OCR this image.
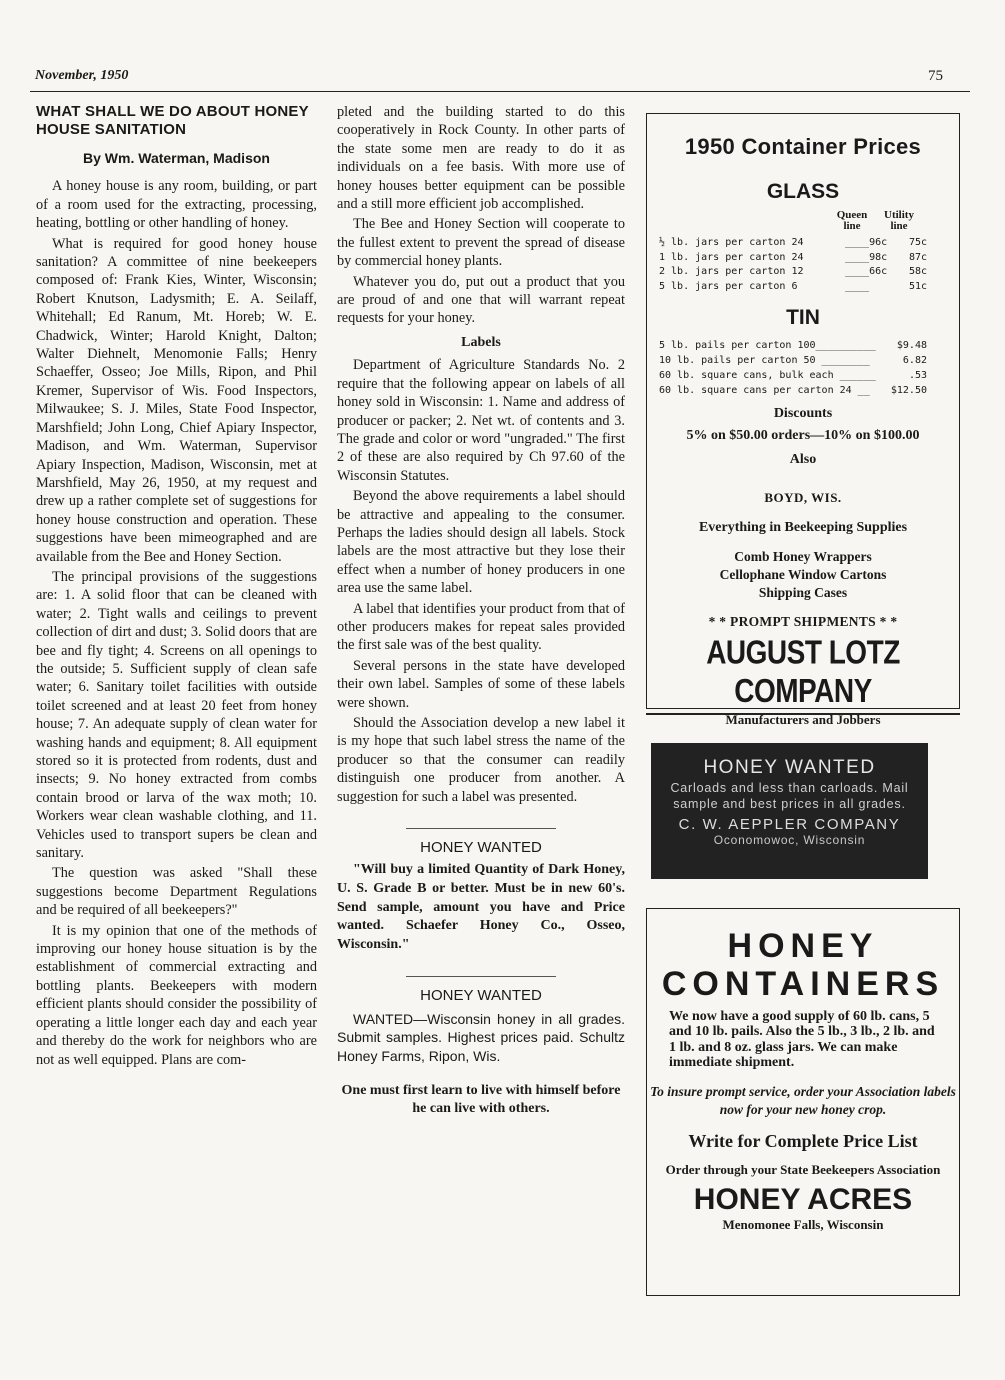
November, 1950	75
WHAT SHALL WE DO ABOUT HONEY HOUSE SANITATION
By Wm. Waterman, Madison

A honey house is any room, building, or part of a room used for the extracting, processing, heating, bottling or other handling of honey.

What is required for good honey house sanitation? A committee of nine beekeepers composed of: Frank Kies, Winter, Wisconsin; Robert Knutson, Ladysmith; E. A. Seilaff, Whitehall; Ed Ranum, Mt. Horeb; W. E. Chadwick, Winter; Harold Knight, Dalton; Walter Diehnelt, Menomonie Falls; Henry Schaeffer, Osseo; Joe Mills, Ripon, and Phil Kremer, Supervisor of Wis. Food Inspectors, Milwaukee; S. J. Miles, State Food Inspector, Marshfield; John Long, Chief Apiary Inspector, Madison, and Wm. Waterman, Supervisor Apiary Inspection, Madison, Wisconsin, met at Marshfield, May 26, 1950, at my request and drew up a rather complete set of suggestions for honey house construction and operation. These suggestions have been mimeographed and are available from the Bee and Honey Section.

The principal provisions of the suggestions are: 1. A solid floor that can be cleaned with water; 2. Tight walls and ceilings to prevent collection of dirt and dust; 3. Solid doors that are bee and fly tight; 4. Screens on all openings to the outside; 5. Sufficient supply of clean safe water; 6. Sanitary toilet facilities with outside toilet screened and at least 20 feet from honey house; 7. An adequate supply of clean water for washing hands and equipment; 8. All equipment stored so it is protected from rodents, dust and insects; 9. No honey extracted from combs contain brood or larva of the wax moth; 10. Workers wear clean washable clothing, and 11. Vehicles used to transport supers be clean and sanitary.

The question was asked "Shall these suggestions become Department Regulations and be required of all beekeepers?"

It is my opinion that one of the methods of improving our honey house situation is by the establishment of commercial extracting and bottling plants. Beekeepers with modern efficient plants should consider the possibility of operating a little longer each day and each year and thereby do the work for neighbors who are not as well equipped. Plans are com-

pleted and the building started to do this cooperatively in Rock County. In other parts of the state some men are ready to do it as individuals on a fee basis. With more use of honey houses better equipment can be possible and a still more efficient job accomplished.

The Bee and Honey Section will cooperate to the fullest extent to prevent the spread of disease by commercial honey plants.

Whatever you do, put out a product that you are proud of and one that will warrant repeat requests for your honey.

Labels

Department of Agriculture Standards No. 2 require that the following appear on labels of all honey sold in Wisconsin: 1. Name and address of producer or packer; 2. Net wt. of contents and 3. The grade and color or word "ungraded." The first 2 of these are also required by Ch 97.60 of the Wisconsin Statutes.

Beyond the above requirements a label should be attractive and appealing to the consumer. Perhaps the ladies should design all labels. Stock labels are the most attractive but they lose their effect when a number of honey producers in one area use the same label.

A label that identifies your product from that of other producers makes for repeat sales provided the first sale was of the best quality.

Several persons in the state have developed their own label. Samples of some of these labels were shown.

Should the Association develop a new label it is my hope that such label stress the name of the producer so that the consumer can readily distinguish one producer from another. A suggestion for such a label was presented.

HONEY WANTED
"Will buy a limited Quantity of Dark Honey, U. S. Grade B or better. Must be in new 60's. Send sample, amount you have and Price wanted. Schaefer Honey Co., Osseo, Wisconsin."
HONEY WANTED
WANTED—Wisconsin honey in all grades. Submit samples. Highest prices paid. Schultz Honey Farms, Ripon, Wis.
One must first learn to live with himself before he can live with others.
1950 Container Prices
GLASS
Queen line
Utility line
½ lb. jars per carton 24	____96c	75c
1 lb. jars per carton 24	____98c	87c
2 lb. jars per carton 12	____66c	58c
5 lb. jars per carton 6	____	51c
TIN
5 lb. pails per carton 100__________	$9.48
10 lb. pails per carton 50 ________	6.82
60 lb. square cans, bulk each ______	.53
60 lb. square cans per carton 24 __	$12.50
Discounts
5% on $50.00 orders—10% on $100.00
Also
BOYD, WIS.
Everything in Beekeeping Supplies
Comb Honey Wrappers
Cellophane Window Cartons
Shipping Cases
* * PROMPT SHIPMENTS * *
AUGUST LOTZ COMPANY
Manufacturers and Jobbers
HONEY WANTED
Carloads and less than carloads. Mail sample and best prices in all grades.
C. W. AEPPLER COMPANY
Oconomowoc, Wisconsin
HONEY
CONTAINERS
We now have a good supply of 60 lb. cans, 5 and 10 lb. pails. Also the 5 lb., 3 lb., 2 lb. and 1 lb. and 8 oz. glass jars. We can make immediate shipment.
To insure prompt service, order your Association labels now for your new honey crop.
Write for Complete Price List
Order through your State Beekeepers Association
HONEY ACRES
Menomonee Falls, Wisconsin
